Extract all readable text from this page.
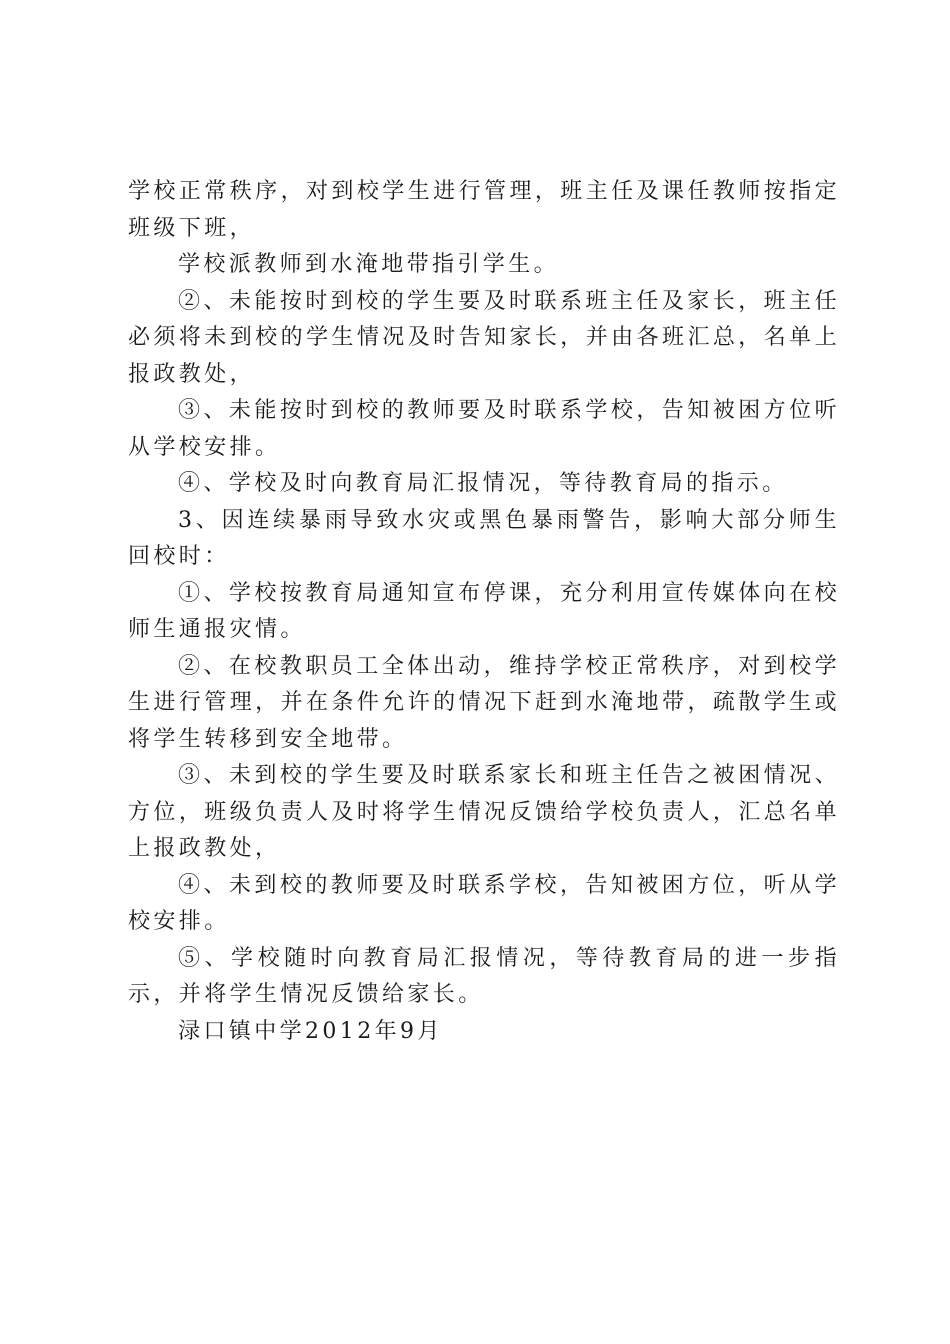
学校正常秩序，对到校学生进行管理，班主任及课任教师按指定班级下班，

学校派教师到水淹地带指引学生。

②、未能按时到校的学生要及时联系班主任及家长，班主任必须将未到校的学生情况及时告知家长，并由各班汇总，名单上报政教处，

③、未能按时到校的教师要及时联系学校，告知被困方位听从学校安排。

④、学校及时向教育局汇报情况，等待教育局的指示。

3、因连续暴雨导致水灾或黑色暴雨警告，影响大部分师生回校时：

①、学校按教育局通知宣布停课，充分利用宣传媒体向在校师生通报灾情。

②、在校教职员工全体出动，维持学校正常秩序，对到校学生进行管理，并在条件允许的情况下赶到水淹地带，疏散学生或将学生转移到安全地带。

③、未到校的学生要及时联系家长和班主任告之被困情况、方位，班级负责人及时将学生情况反馈给学校负责人，汇总名单上报政教处，

④、未到校的教师要及时联系学校，告知被困方位，听从学校安排。

⑤、学校随时向教育局汇报情况，等待教育局的进一步指示，并将学生情况反馈给家长。

渌口镇中学2012年9月
